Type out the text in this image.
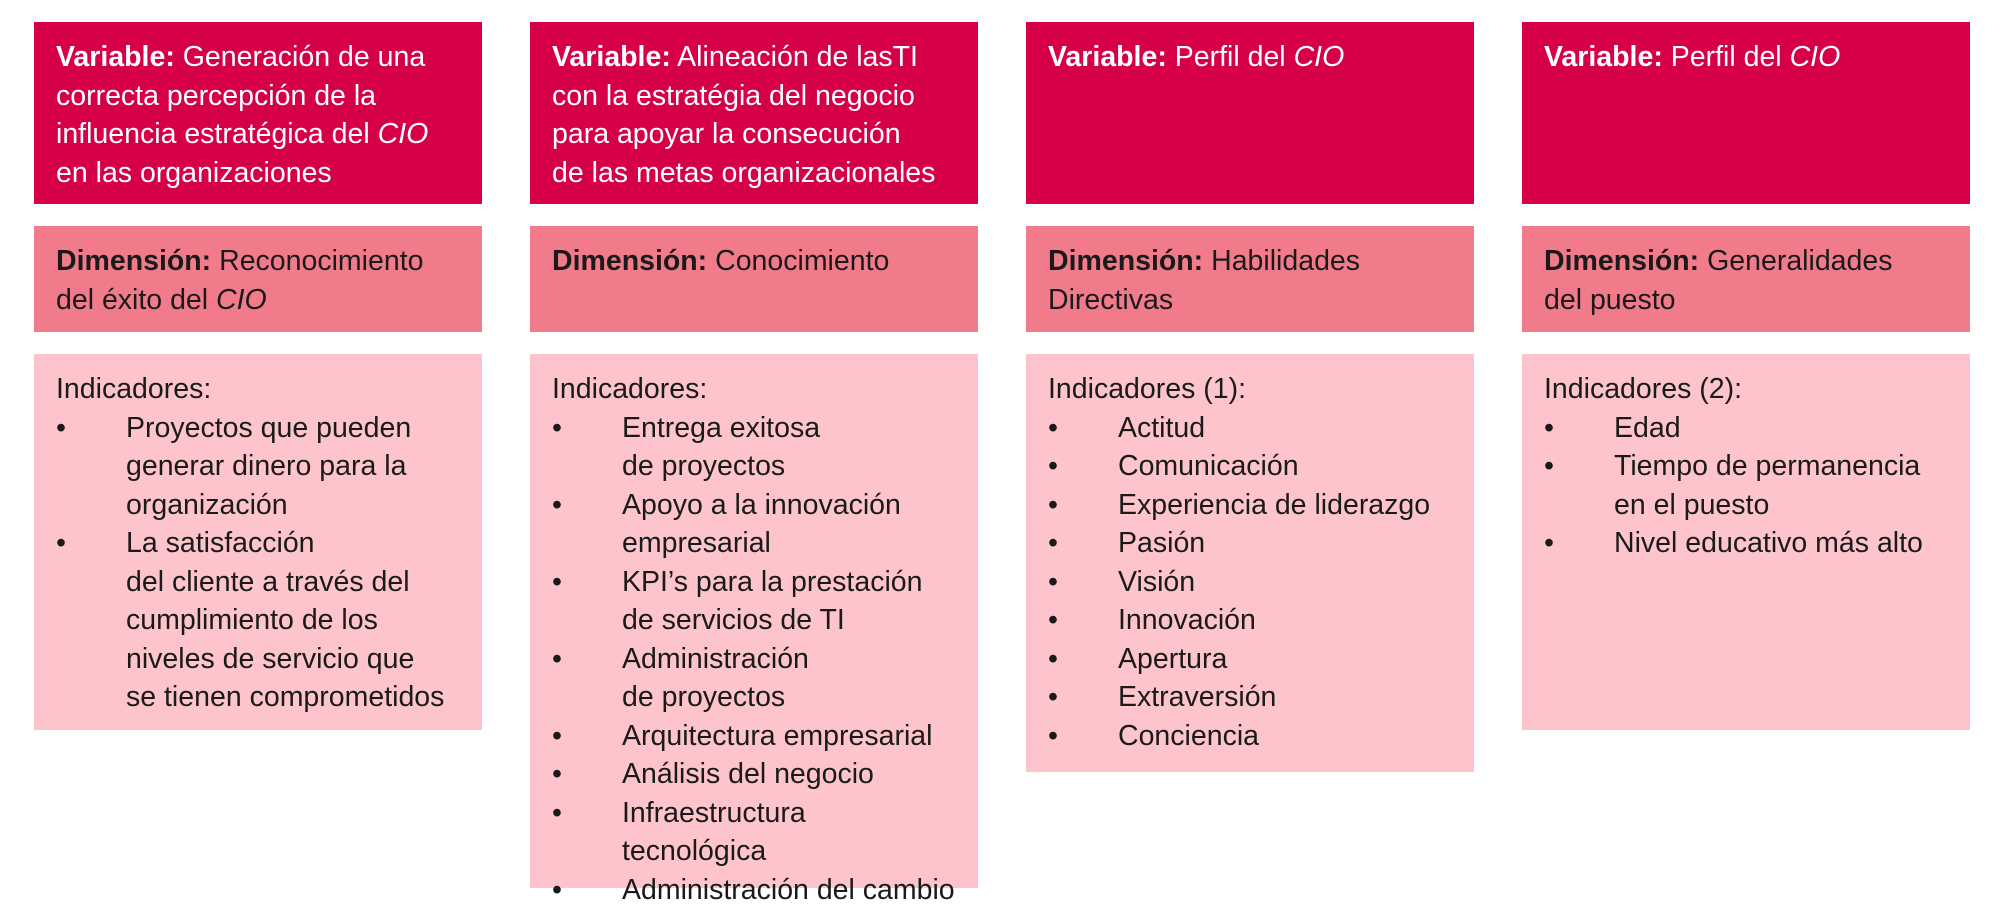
Variable: Generación de una
correcta percepción de la
influencia estratégica del CIO
en las organizaciones
Dimensión: Reconocimiento
del éxito del CIO
Indicadores:
•	Proyectos que pueden
generar dinero para la
organización
•	La satisfacción
del cliente a través del
cumplimiento de los
niveles de servicio que
se tienen comprometidos
Variable: Alineación de lasTI
con la estratégia del negocio
para apoyar la consecución
de las metas organizacionales
Dimensión: Conocimiento
Indicadores:
•	Entrega exitosa
de proyectos
•	Apoyo a la innovación
empresarial
•	KPI’s para la prestación
de servicios de TI
•	Administración
de proyectos
•	Arquitectura empresarial
•	Análisis del negocio
•	Infraestructura tecnológica
•	Administración del cambio
Variable: Perfil del CIO
Dimensión: Habilidades
Directivas
Indicadores (1):
•	Actitud
•	Comunicación
•	Experiencia de liderazgo
•	Pasión
•	Visión
•	Innovación
•	Apertura
•	Extraversión
•	Conciencia
Variable: Perfil del CIO
Dimensión: Generalidades
del puesto
Indicadores (2):
•	Edad
•	Tiempo de permanencia
en el puesto
•	Nivel educativo más alto
